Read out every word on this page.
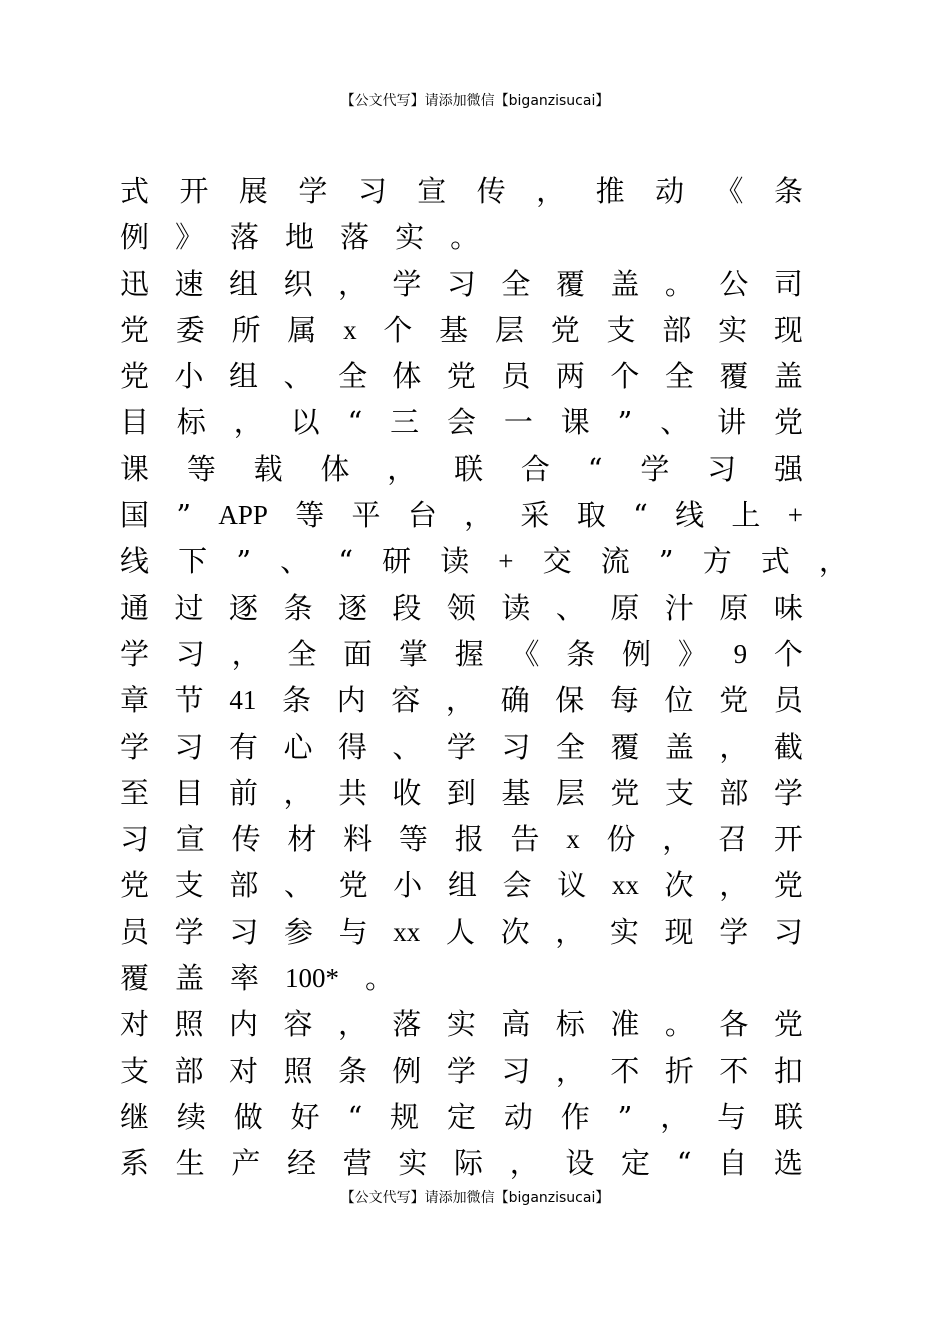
【公文代写】请添加微信【biganzisucai】
式 开 展 学 习 宣 传 ， 推 动 《 条
例 》 落 地 落 实 。
迅 速 组 织 ， 学 习 全 覆 盖 。 公 司
党 委 所 属 x 个 基 层 党 支 部 实 现
党 小 组 、 全 体 党 员 两 个 全 覆 盖
目 标 ， 以 “ 三 会 一 课 ” 、 讲 党
课 等 载 体 ， 联 合 “ 学 习 强
国 ” APP 等 平 台 ， 采 取 “ 线 上 +
线 下 ” 、 “ 研 读 + 交 流 ” 方 式 ，
通 过 逐 条 逐 段 领 读 、 原 汁 原 味
学 习 ， 全 面 掌 握 《 条 例 》 9 个
章 节 41 条 内 容 ， 确 保 每 位 党 员
学 习 有 心 得 、 学 习 全 覆 盖 ， 截
至 目 前 ， 共 收 到 基 层 党 支 部 学
习 宣 传 材 料 等 报 告 x 份 ， 召 开
党 支 部 、 党 小 组 会 议 xx 次 ， 党
员 学 习 参 与 xx 人 次 ， 实 现 学 习
覆 盖 率 100* 。
对 照 内 容 ， 落 实 高 标 准 。 各 党
支 部 对 照 条 例 学 习 ， 不 折 不 扣
继 续 做 好 “ 规 定 动 作 ” ， 与 联
系 生 产 经 营 实 际 ， 设 定 “ 自 选
【公文代写】请添加微信【biganzisucai】
